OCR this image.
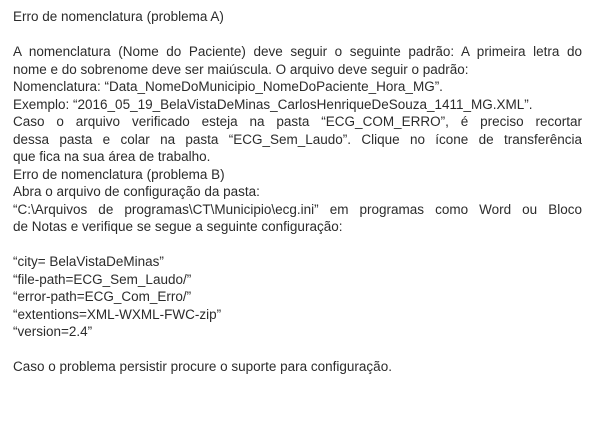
Erro de nomenclatura (problema A)
A nomenclatura (Nome do Paciente) deve seguir o seguinte padrão: A primeira letra do
nome e do sobrenome deve ser maiúscula. O arquivo deve seguir o padrão:
Nomenclatura: “Data_NomeDoMunicipio_NomeDoPaciente_Hora_MG”.
Exemplo: “2016_05_19_BelaVistaDeMinas_CarlosHenriqueDeSouza_1411_MG.XML”.
Caso o arquivo verificado esteja na pasta “ECG_COM_ERRO”, é preciso recortar
dessa pasta e colar na pasta “ECG_Sem_Laudo”. Clique no ícone de transferência
que fica na sua área de trabalho.
Erro de nomenclatura (problema B)
Abra o arquivo de configuração da pasta:
“C:\Arquivos de programas\CT\Municipio\ecg.ini” em programas como Word ou Bloco
de Notas e verifique se segue a seguinte configuração:
“city= BelaVistaDeMinas”
“file-path=ECG_Sem_Laudo/”
“error-path=ECG_Com_Erro/”
“extentions=XML-WXML-FWC-zip”
“version=2.4”
Caso o problema persistir procure o suporte para configuração.
